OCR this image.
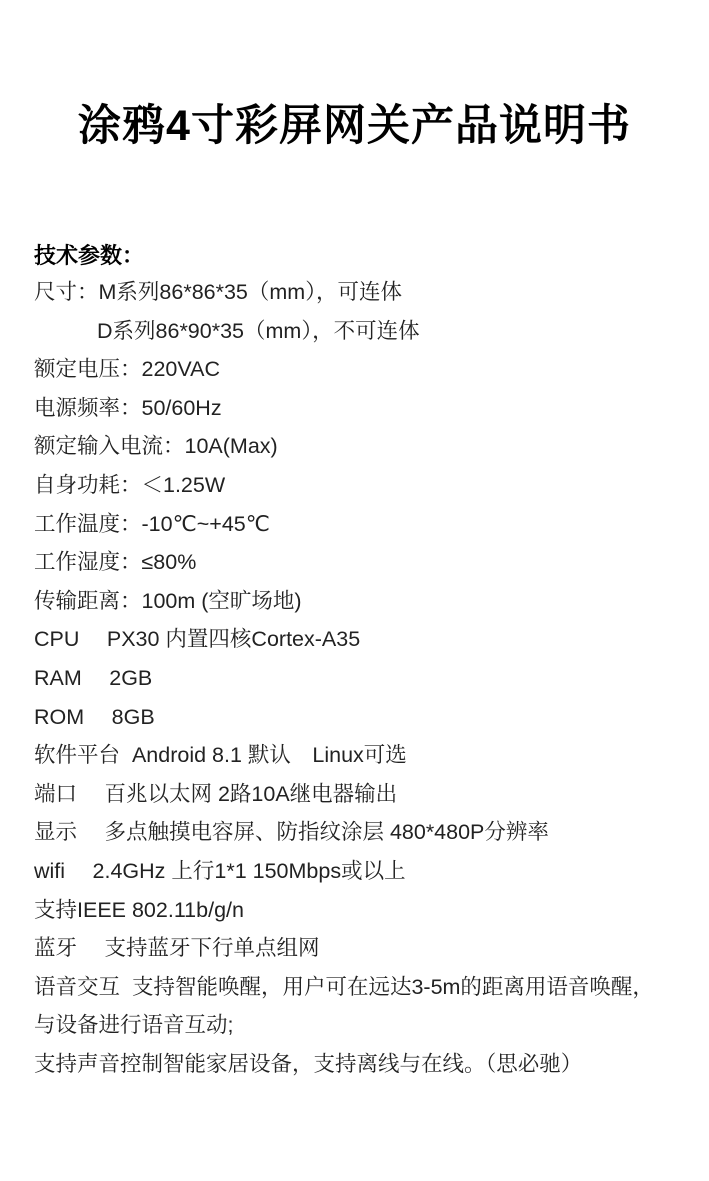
涂鸦4寸彩屏网关产品说明书
技术参数：
尺寸：M系列86*86*35（mm），可连体
D系列86*90*35（mm），不可连体
额定电压：220VAC
电源频率：50/60Hz
额定输入电流：10A(Max)
自身功耗：＜1.25W
工作温度：-10℃~+45℃
工作湿度：≤80%
传输距离：100m (空旷场地)
CPU　 PX30 内置四核Cortex-A35
RAM　 2GB
ROM　 8GB
软件平台  Android 8.1 默认　Linux可选
端口　 百兆以太网 2路10A继电器输出
显示　 多点触摸电容屏、防指纹涂层 480*480P分辨率
wifi　 2.4GHz 上行1*1 150Mbps或以上
支持IEEE 802.11b/g/n
蓝牙　 支持蓝牙下行单点组网
语音交互  支持智能唤醒，用户可在远达3-5m的距离用语音唤醒，
与设备进行语音互动;
支持声音控制智能家居设备，支持离线与在线。（思必驰）
